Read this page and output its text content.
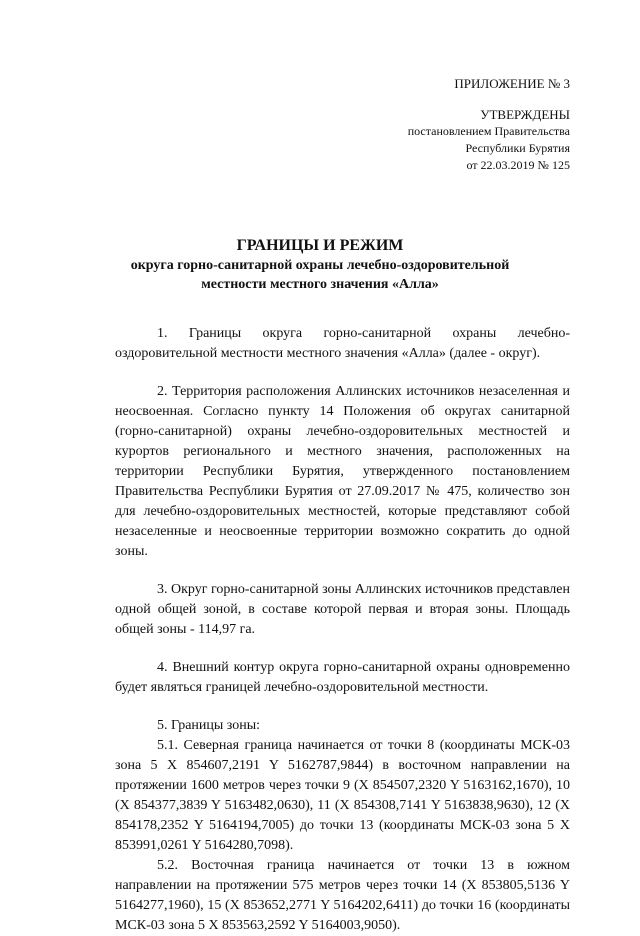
ПРИЛОЖЕНИЕ № 3
УТВЕРЖДЕНЫ
постановлением Правительства
Республики Бурятия
от 22.03.2019 № 125
ГРАНИЦЫ И РЕЖИМ
округа горно-санитарной охраны лечебно-оздоровительной
местности местного значения «Алла»

1. Границы округа горно-санитарной охраны лечебно-оздоровительной местности местного значения «Алла» (далее - округ).

2. Территория расположения Аллинских источников незаселенная и неосвоенная. Согласно пункту 14 Положения об округах санитарной (горно-санитарной) охраны лечебно-оздоровительных местностей и курортов регионального и местного значения, расположенных на территории Республики Бурятия, утвержденного постановлением Правительства Республики Бурятия от 27.09.2017 № 475, количество зон для лечебно-оздоровительных местностей, которые представляют собой незаселенные и неосвоенные территории возможно сократить до одной зоны.

3. Округ горно-санитарной зоны Аллинских источников представлен одной общей зоной, в составе которой первая и вторая зоны. Площадь общей зоны - 114,97 га.

4. Внешний контур округа горно-санитарной охраны одновременно будет являться границей лечебно-оздоровительной местности.

5. Границы зоны:

5.1. Северная граница начинается от точки 8 (координаты МСК-03 зона 5 X 854607,2191 Y 5162787,9844) в восточном направлении на протяжении 1600 метров через точки 9 (X 854507,2320 Y 5163162,1670), 10 (X 854377,3839 Y 5163482,0630), 11 (X 854308,7141 Y 5163838,9630), 12 (X 854178,2352 Y 5164194,7005) до точки 13 (координаты МСК-03 зона 5 X 853991,0261 Y 5164280,7098).

5.2. Восточная граница начинается от точки 13 в южном направлении на протяжении 575 метров через точки 14 (X 853805,5136 Y 5164277,1960), 15 (X 853652,2771 Y 5164202,6411) до точки 16 (координаты МСК-03 зона 5 X 853563,2592 Y 5164003,9050).
